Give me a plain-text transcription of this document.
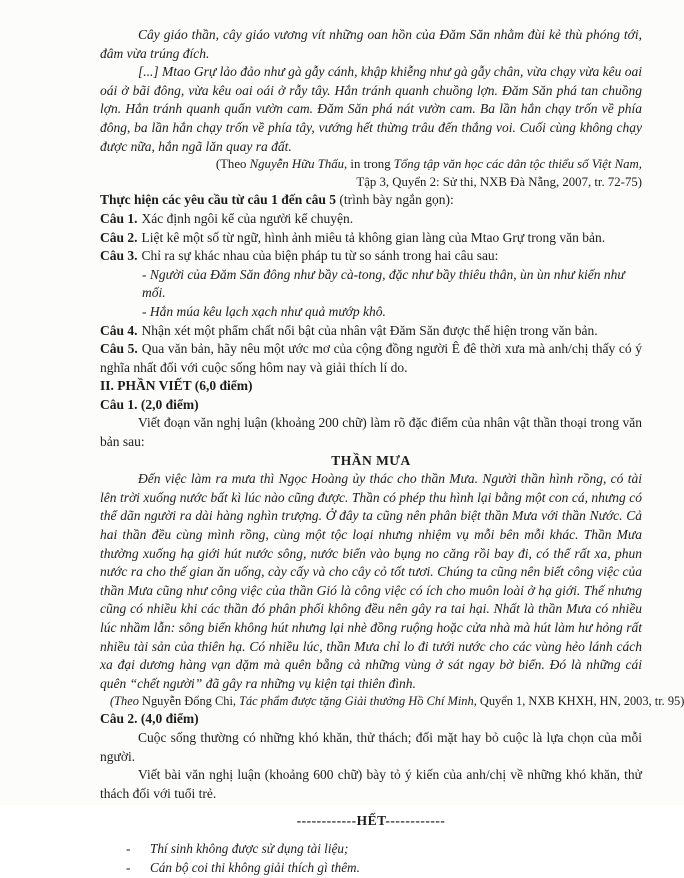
Cây giáo thần, cây giáo vương vít những oan hồn của Đăm Săn nhằm đùi kẻ thù phóng tới, đâm vừa trúng đích.
[...] Mtao Grự lảo đảo như gà gẫy cánh, khập khiễng như gà gẫy chân, vừa chạy vừa kêu oai oái ở bãi đông, vừa kêu oai oái ở rẫy tây. Hắn tránh quanh chuồng lợn. Đăm Săn phá tan chuồng lợn. Hắn tránh quanh quẩn vườn cam. Đăm Săn phá nát vườn cam. Ba lần hắn chạy trốn về phía đông, ba lần hắn chạy trốn về phía tây, vướng hết thừng trâu đến thắng voi. Cuối cùng không chạy được nữa, hắn ngã lăn quay ra đất.
(Theo Nguyễn Hữu Thấu, in trong Tổng tập văn học các dân tộc thiểu số Việt Nam,
Tập 3, Quyển 2: Sử thi, NXB Đà Nẵng, 2007, tr. 72-75)
Thực hiện các yêu cầu từ câu 1 đến câu 5 (trình bày ngắn gọn):
Câu 1. Xác định ngôi kể của người kể chuyện.
Câu 2. Liệt kê một số từ ngữ, hình ảnh miêu tả không gian làng của Mtao Grự trong văn bản.
Câu 3. Chỉ ra sự khác nhau của biện pháp tu từ so sánh trong hai câu sau:
- Người của Đăm Săn đông như bầy cà-tong, đặc như bầy thiêu thân, ùn ùn như kiến như mối.
- Hắn múa kêu lạch xạch như quả mướp khô.
Câu 4. Nhận xét một phẩm chất nổi bật của nhân vật Đăm Săn được thể hiện trong văn bản.
Câu 5. Qua văn bản, hãy nêu một ước mơ của cộng đồng người Ê đê thời xưa mà anh/chị thấy có ý nghĩa nhất đối với cuộc sống hôm nay và giải thích lí do.
II. PHẦN VIẾT (6,0 điểm)
Câu 1. (2,0 điểm)
Viết đoạn văn nghị luận (khoảng 200 chữ) làm rõ đặc điểm của nhân vật thần thoại trong văn bản sau:
THẦN MƯA
Đến việc làm ra mưa thì Ngọc Hoàng ủy thác cho thần Mưa. Người thần hình rồng, có tài lên trời xuống nước bất kì lúc nào cũng được. Thần có phép thu hình lại bằng một con cá, nhưng có thể dãn người ra dài hàng nghìn trượng. Ở đây ta cũng nên phân biệt thần Mưa với thần Nước. Cả hai thần đều cùng mình rồng, cùng một tộc loại nhưng nhiệm vụ mỗi bên mỗi khác. Thần Mưa thường xuống hạ giới hút nước sông, nước biển vào bụng no căng rồi bay đi, có thể rất xa, phun nước ra cho thế gian ăn uống, cày cấy và cho cây cỏ tốt tươi. Chúng ta cũng nên biết công việc của thần Mưa cũng như công việc của thần Gió là công việc có ích cho muôn loài ở hạ giới. Thế nhưng cũng có nhiều khi các thần đó phân phối không đều nên gây ra tai hại. Nhất là thần Mưa có nhiều lúc nhầm lẫn: sông biển không hút nhưng lại nhè đồng ruộng hoặc cửa nhà mà hút làm hư hỏng rất nhiều tài sản của thiên hạ. Có nhiều lúc, thần Mưa chỉ lo đi tưới nước cho các vùng hẻo lánh cách xa đại dương hàng vạn dặm mà quên bẵng cả những vùng ở sát ngay bờ biển. Đó là những cái quên “chết người” đã gây ra những vụ kiện tại thiên đình.
(Theo Nguyễn Đổng Chi, Tác phẩm được tặng Giải thưởng Hồ Chí Minh, Quyển 1, NXB KHXH, HN, 2003, tr. 95)
Câu 2. (4,0 điểm)
Cuộc sống thường có những khó khăn, thử thách; đối mặt hay bỏ cuộc là lựa chọn của mỗi người.
Viết bài văn nghị luận (khoảng 600 chữ) bày tỏ ý kiến của anh/chị về những khó khăn, thử thách đối với tuổi trẻ.
------------HẾT------------
-	Thí sinh không được sử dụng tài liệu;
-	Cán bộ coi thi không giải thích gì thêm.
